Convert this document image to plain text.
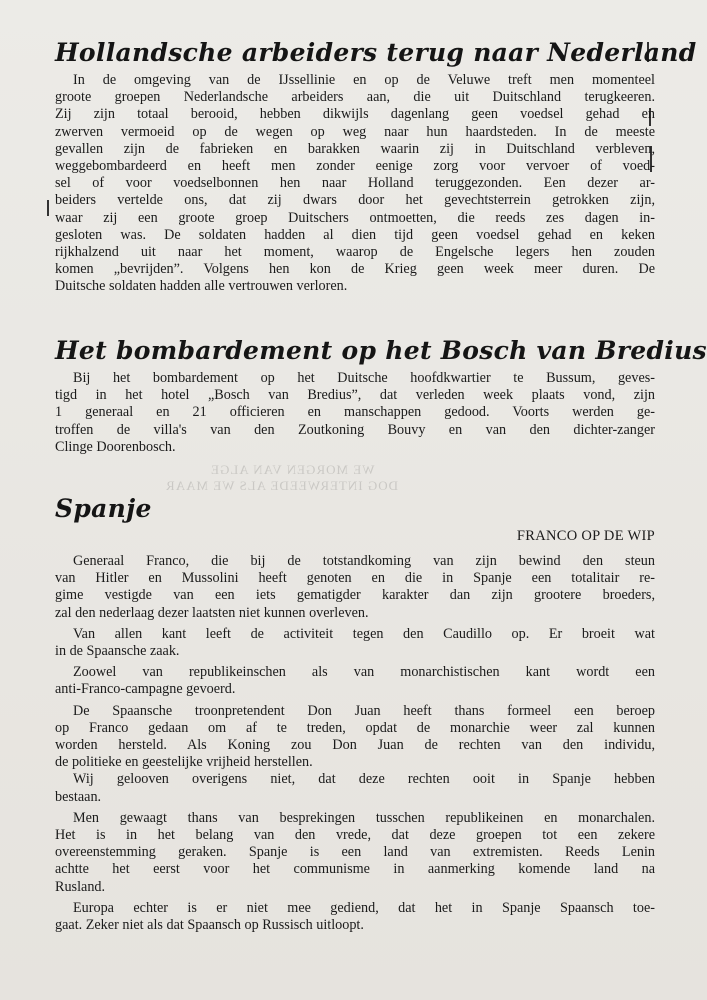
WE MORGEN VAN ALGE
DOG INTERWEEDE ALS WE MAAR
Hollandsche arbeiders terug naar Nederland
In de omgeving van de IJssellinie en op de Veluwe treft men momenteel
groote groepen Nederlandsche arbeiders aan, die uit Duitschland terugkeeren.
Zij zijn totaal berooid, hebben dikwijls dagenlang geen voedsel gehad en
zwerven vermoeid op de wegen op weg naar hun haardsteden. In de meeste
gevallen zijn de fabrieken en barakken waarin zij in Duitschland verbleven,
weggebombardeerd en heeft men zonder eenige zorg voor vervoer of voed-
sel of voor voedselbonnen hen naar Holland teruggezonden. Een dezer ar-
beiders vertelde ons, dat zij dwars door het gevechtsterrein getrokken zijn,
waar zij een groote groep Duitschers ontmoetten, die reeds zes dagen in-
gesloten was. De soldaten hadden al dien tijd geen voedsel gehad en keken
rijkhalzend uit naar het moment, waarop de Engelsche legers hen zouden
komen „bevrijden”. Volgens hen kon de Krieg geen week meer duren. De
Duitsche soldaten hadden alle vertrouwen verloren.
Het bombardement op het Bosch van Bredius
Bij het bombardement op het Duitsche hoofdkwartier te Bussum, geves-
tigd in het hotel „Bosch van Bredius”, dat verleden week plaats vond, zijn
1 generaal en 21 officieren en manschappen gedood. Voorts werden ge-
troffen de villa's van den Zoutkoning Bouvy en van den dichter-zanger
Clinge Doorenbosch.
Spanje
FRANCO OP DE WIP
Generaal Franco, die bij de totstandkoming van zijn bewind den steun
van Hitler en Mussolini heeft genoten en die in Spanje een totalitair re-
gime vestigde van een iets gematigder karakter dan zijn grootere broeders,
zal den nederlaag dezer laatsten niet kunnen overleven.
Van allen kant leeft de activiteit tegen den Caudillo op. Er broeit wat
in de Spaansche zaak.
Zoowel van republikeinschen als van monarchistischen kant wordt een
anti-Franco-campagne gevoerd.
De Spaansche troonpretendent Don Juan heeft thans formeel een beroep
op Franco gedaan om af te treden, opdat de monarchie weer zal kunnen
worden hersteld. Als Koning zou Don Juan de rechten van den individu,
de politieke en geestelijke vrijheid herstellen.
Wij gelooven overigens niet, dat deze rechten ooit in Spanje hebben
bestaan.
Men gewaagt thans van besprekingen tusschen republikeinen en monarchalen.
Het is in het belang van den vrede, dat deze groepen tot een zekere
overeenstemming geraken. Spanje is een land van extremisten. Reeds Lenin
achtte het eerst voor het communisme in aanmerking komende land na
Rusland.
Europa echter is er niet mee gediend, dat het in Spanje Spaansch toe-
gaat. Zeker niet als dat Spaansch op Russisch uitloopt.
